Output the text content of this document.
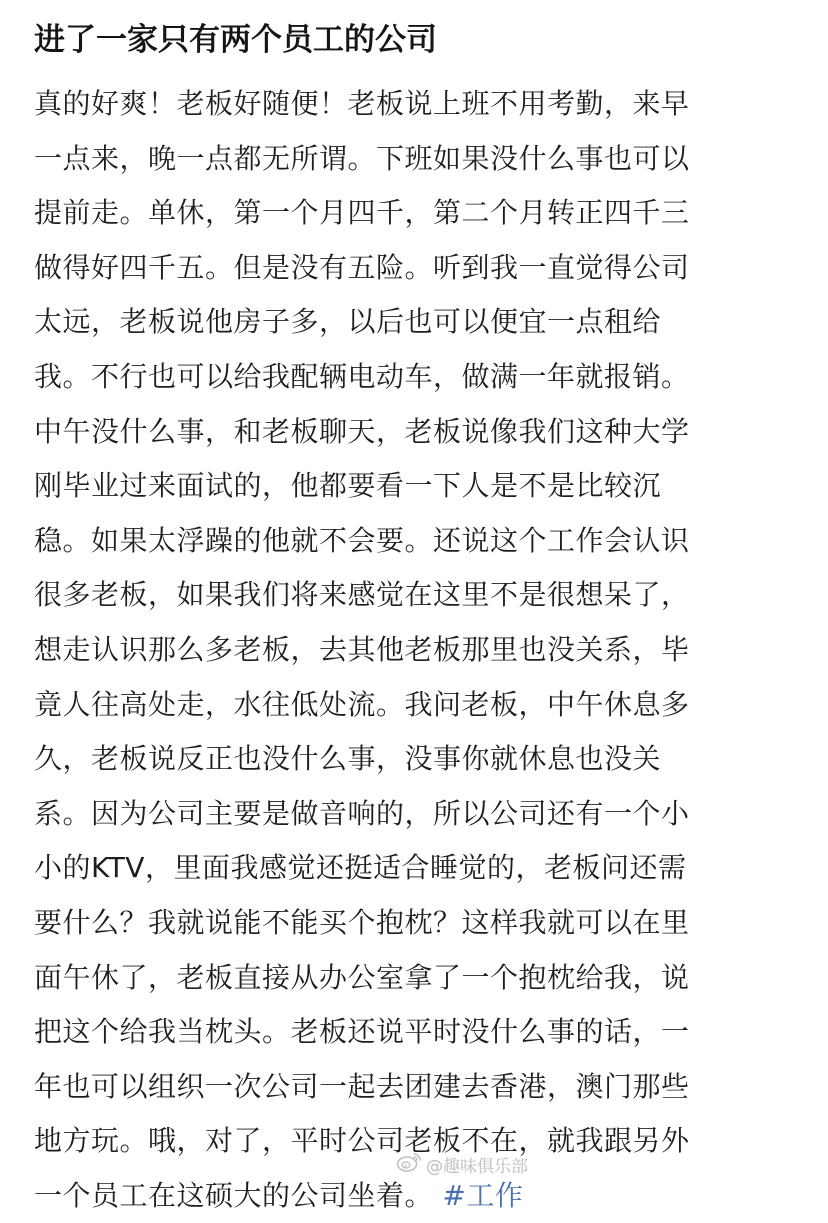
进了一家只有两个员工的公司
真的好爽！老板好随便！老板说上班不用考勤，来早
一点来，晚一点都无所谓。下班如果没什么事也可以
提前走。单休，第一个月四千，第二个月转正四千三
做得好四千五。但是没有五险。听到我一直觉得公司
太远，老板说他房子多，以后也可以便宜一点租给
我。不行也可以给我配辆电动车，做满一年就报销。
中午没什么事，和老板聊天，老板说像我们这种大学
刚毕业过来面试的，他都要看一下人是不是比较沉
稳。如果太浮躁的他就不会要。还说这个工作会认识
很多老板，如果我们将来感觉在这里不是很想呆了，
想走认识那么多老板，去其他老板那里也没关系，毕
竟人往高处走，水往低处流。我问老板，中午休息多
久，老板说反正也没什么事，没事你就休息也没关
系。因为公司主要是做音响的，所以公司还有一个小
小的KTV，里面我感觉还挺适合睡觉的，老板问还需
要什么？我就说能不能买个抱枕？这样我就可以在里
面午休了，老板直接从办公室拿了一个抱枕给我，说
把这个给我当枕头。老板还说平时没什么事的话，一
年也可以组织一次公司一起去团建去香港，澳门那些
地方玩。哦，对了，平时公司老板不在，就我跟另外
一个员工在这硕大的公司坐着。 #工作
@趣味俱乐部
